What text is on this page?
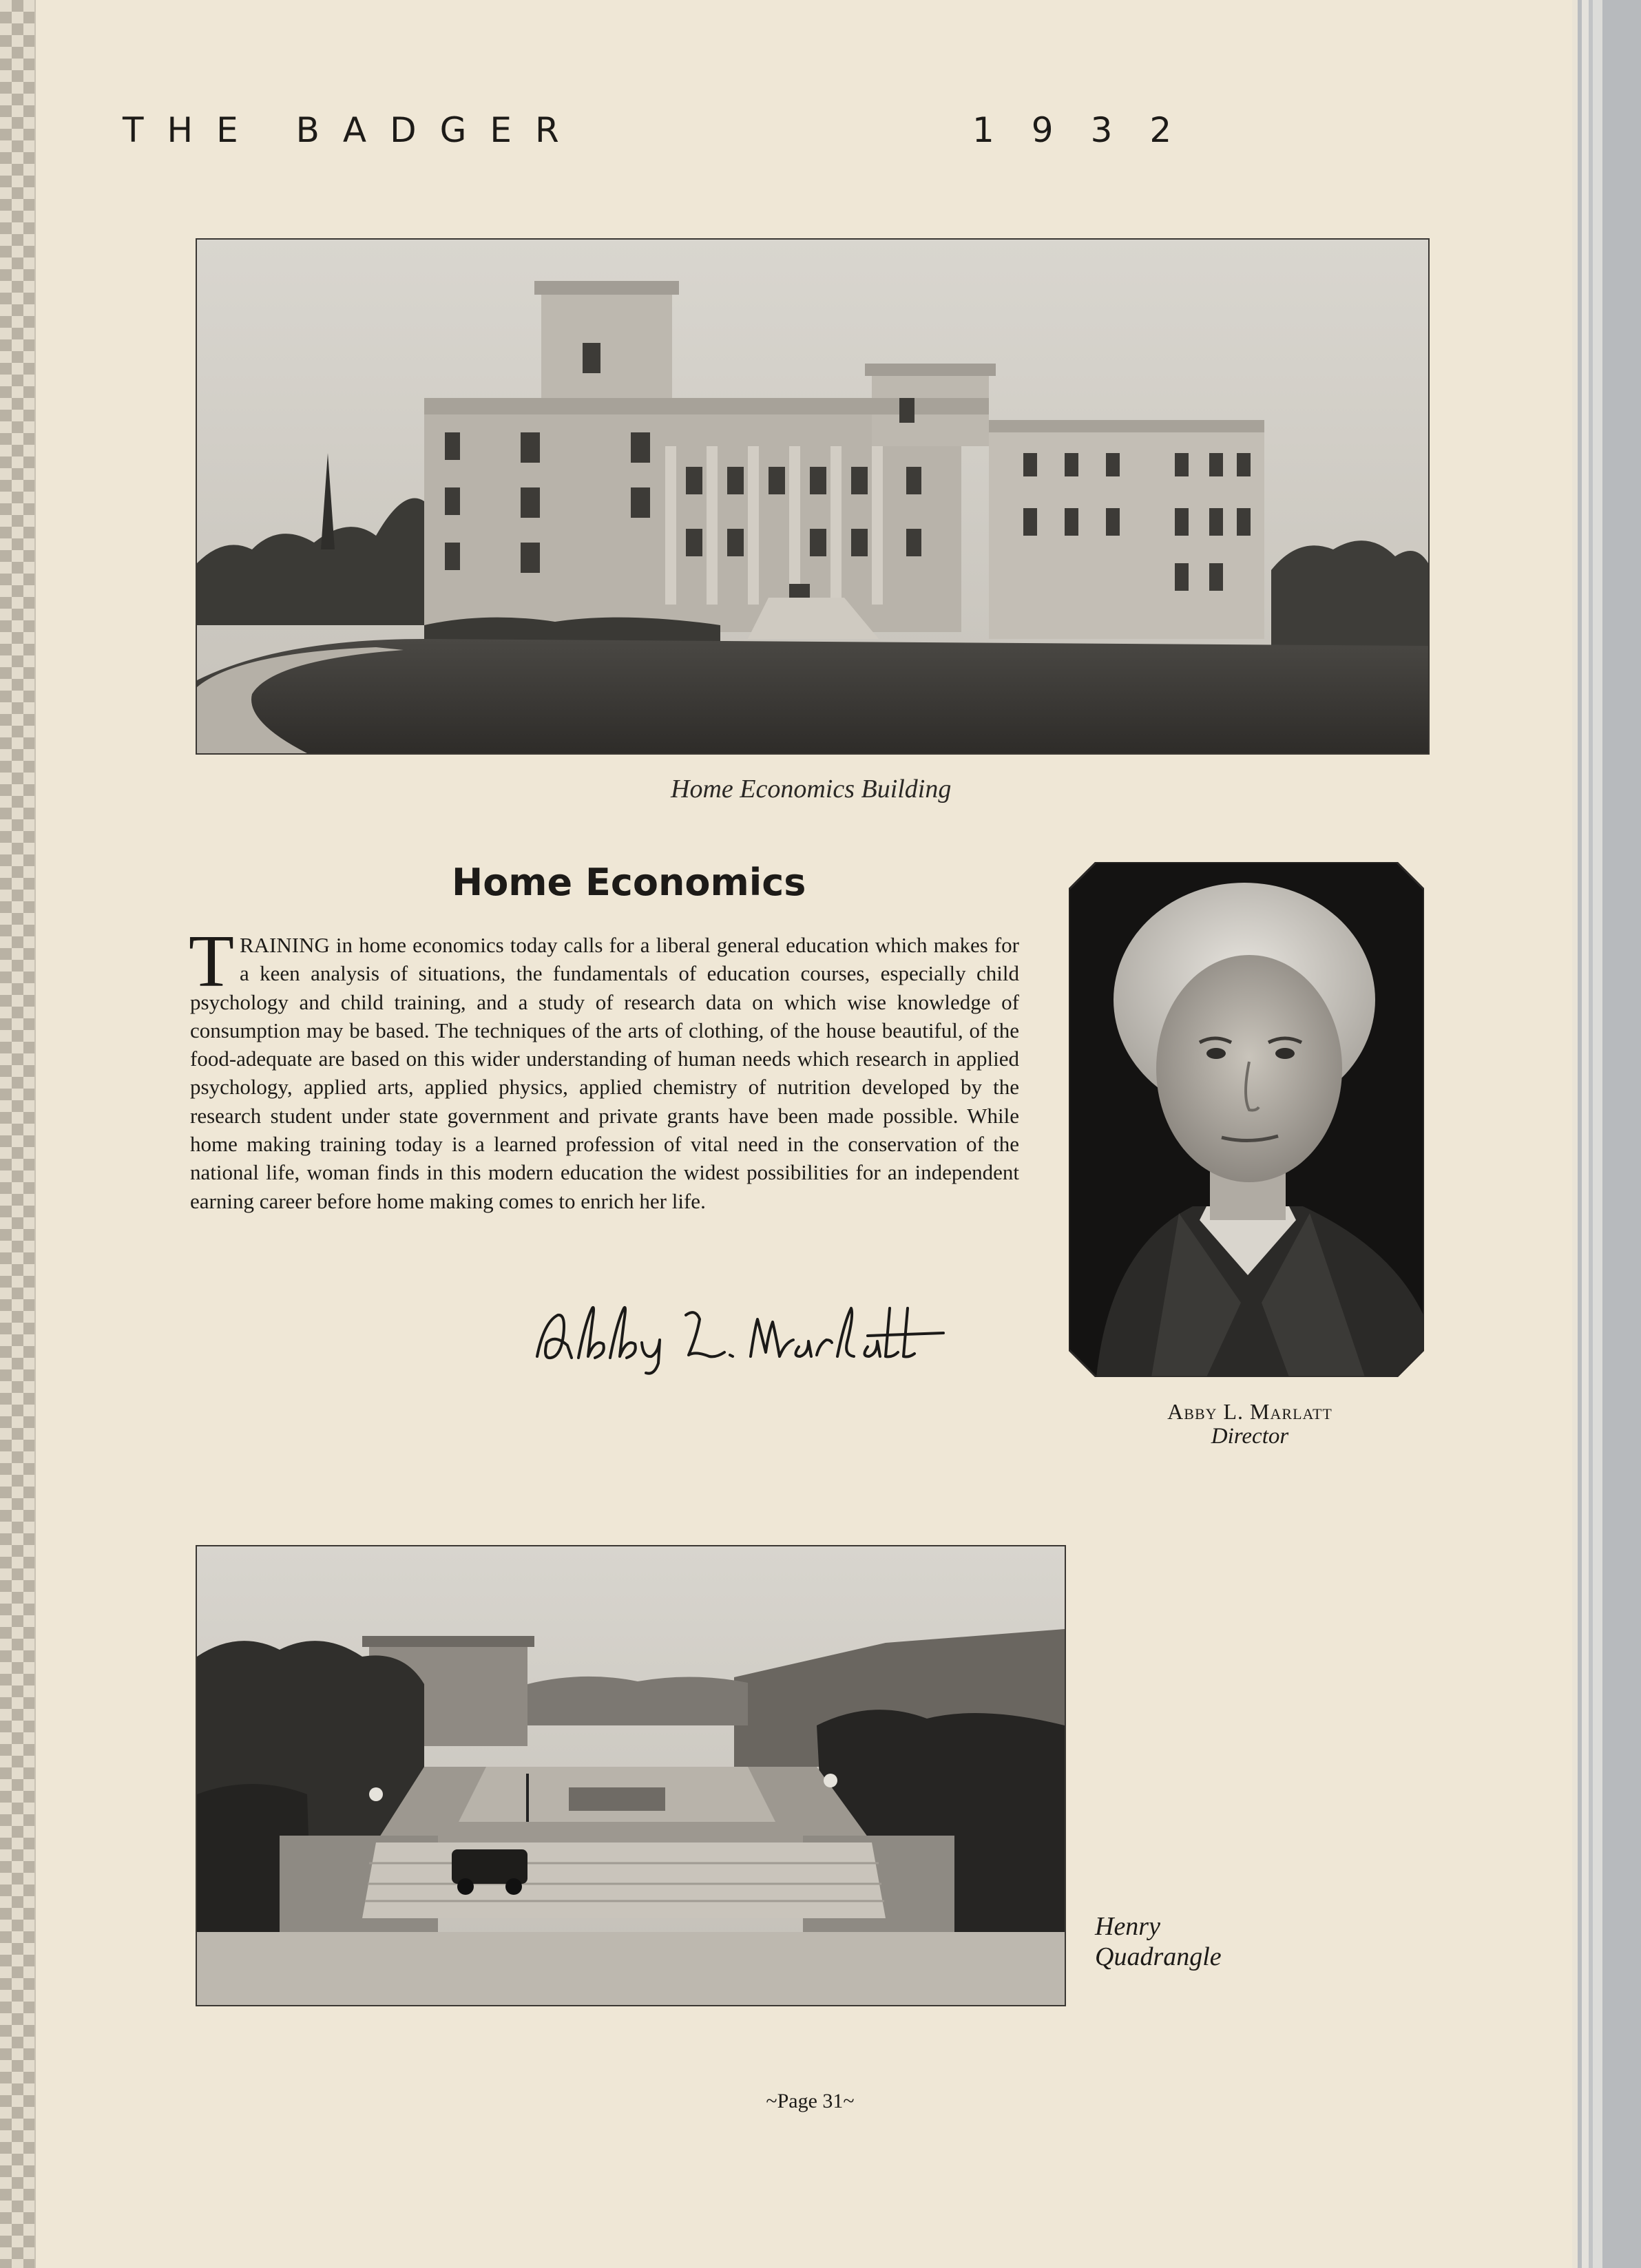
THE BADGER	1932
Home Economics Building
Home Economics

TRAINING in home economics today calls for a liberal general education which makes for a keen analysis of situations, the fundamentals of education courses, especially child psychology and child training, and a study of research data on which wise knowledge of consumption may be based. The techniques of the arts of clothing, of the house beautiful, of the food-adequate are based on this wider understanding of human needs which research in applied psychology, applied arts, applied physics, applied chemistry of nutrition developed by the research student under state government and private grants have been made possible. While home making training today is a learned profession of vital need in the conservation of the national life, woman finds in this modern education the widest possibilities for an independent earning career before home making comes to enrich her life.

Abby L. Marlatt
Director
Henry
Quadrangle
~Page 31~
